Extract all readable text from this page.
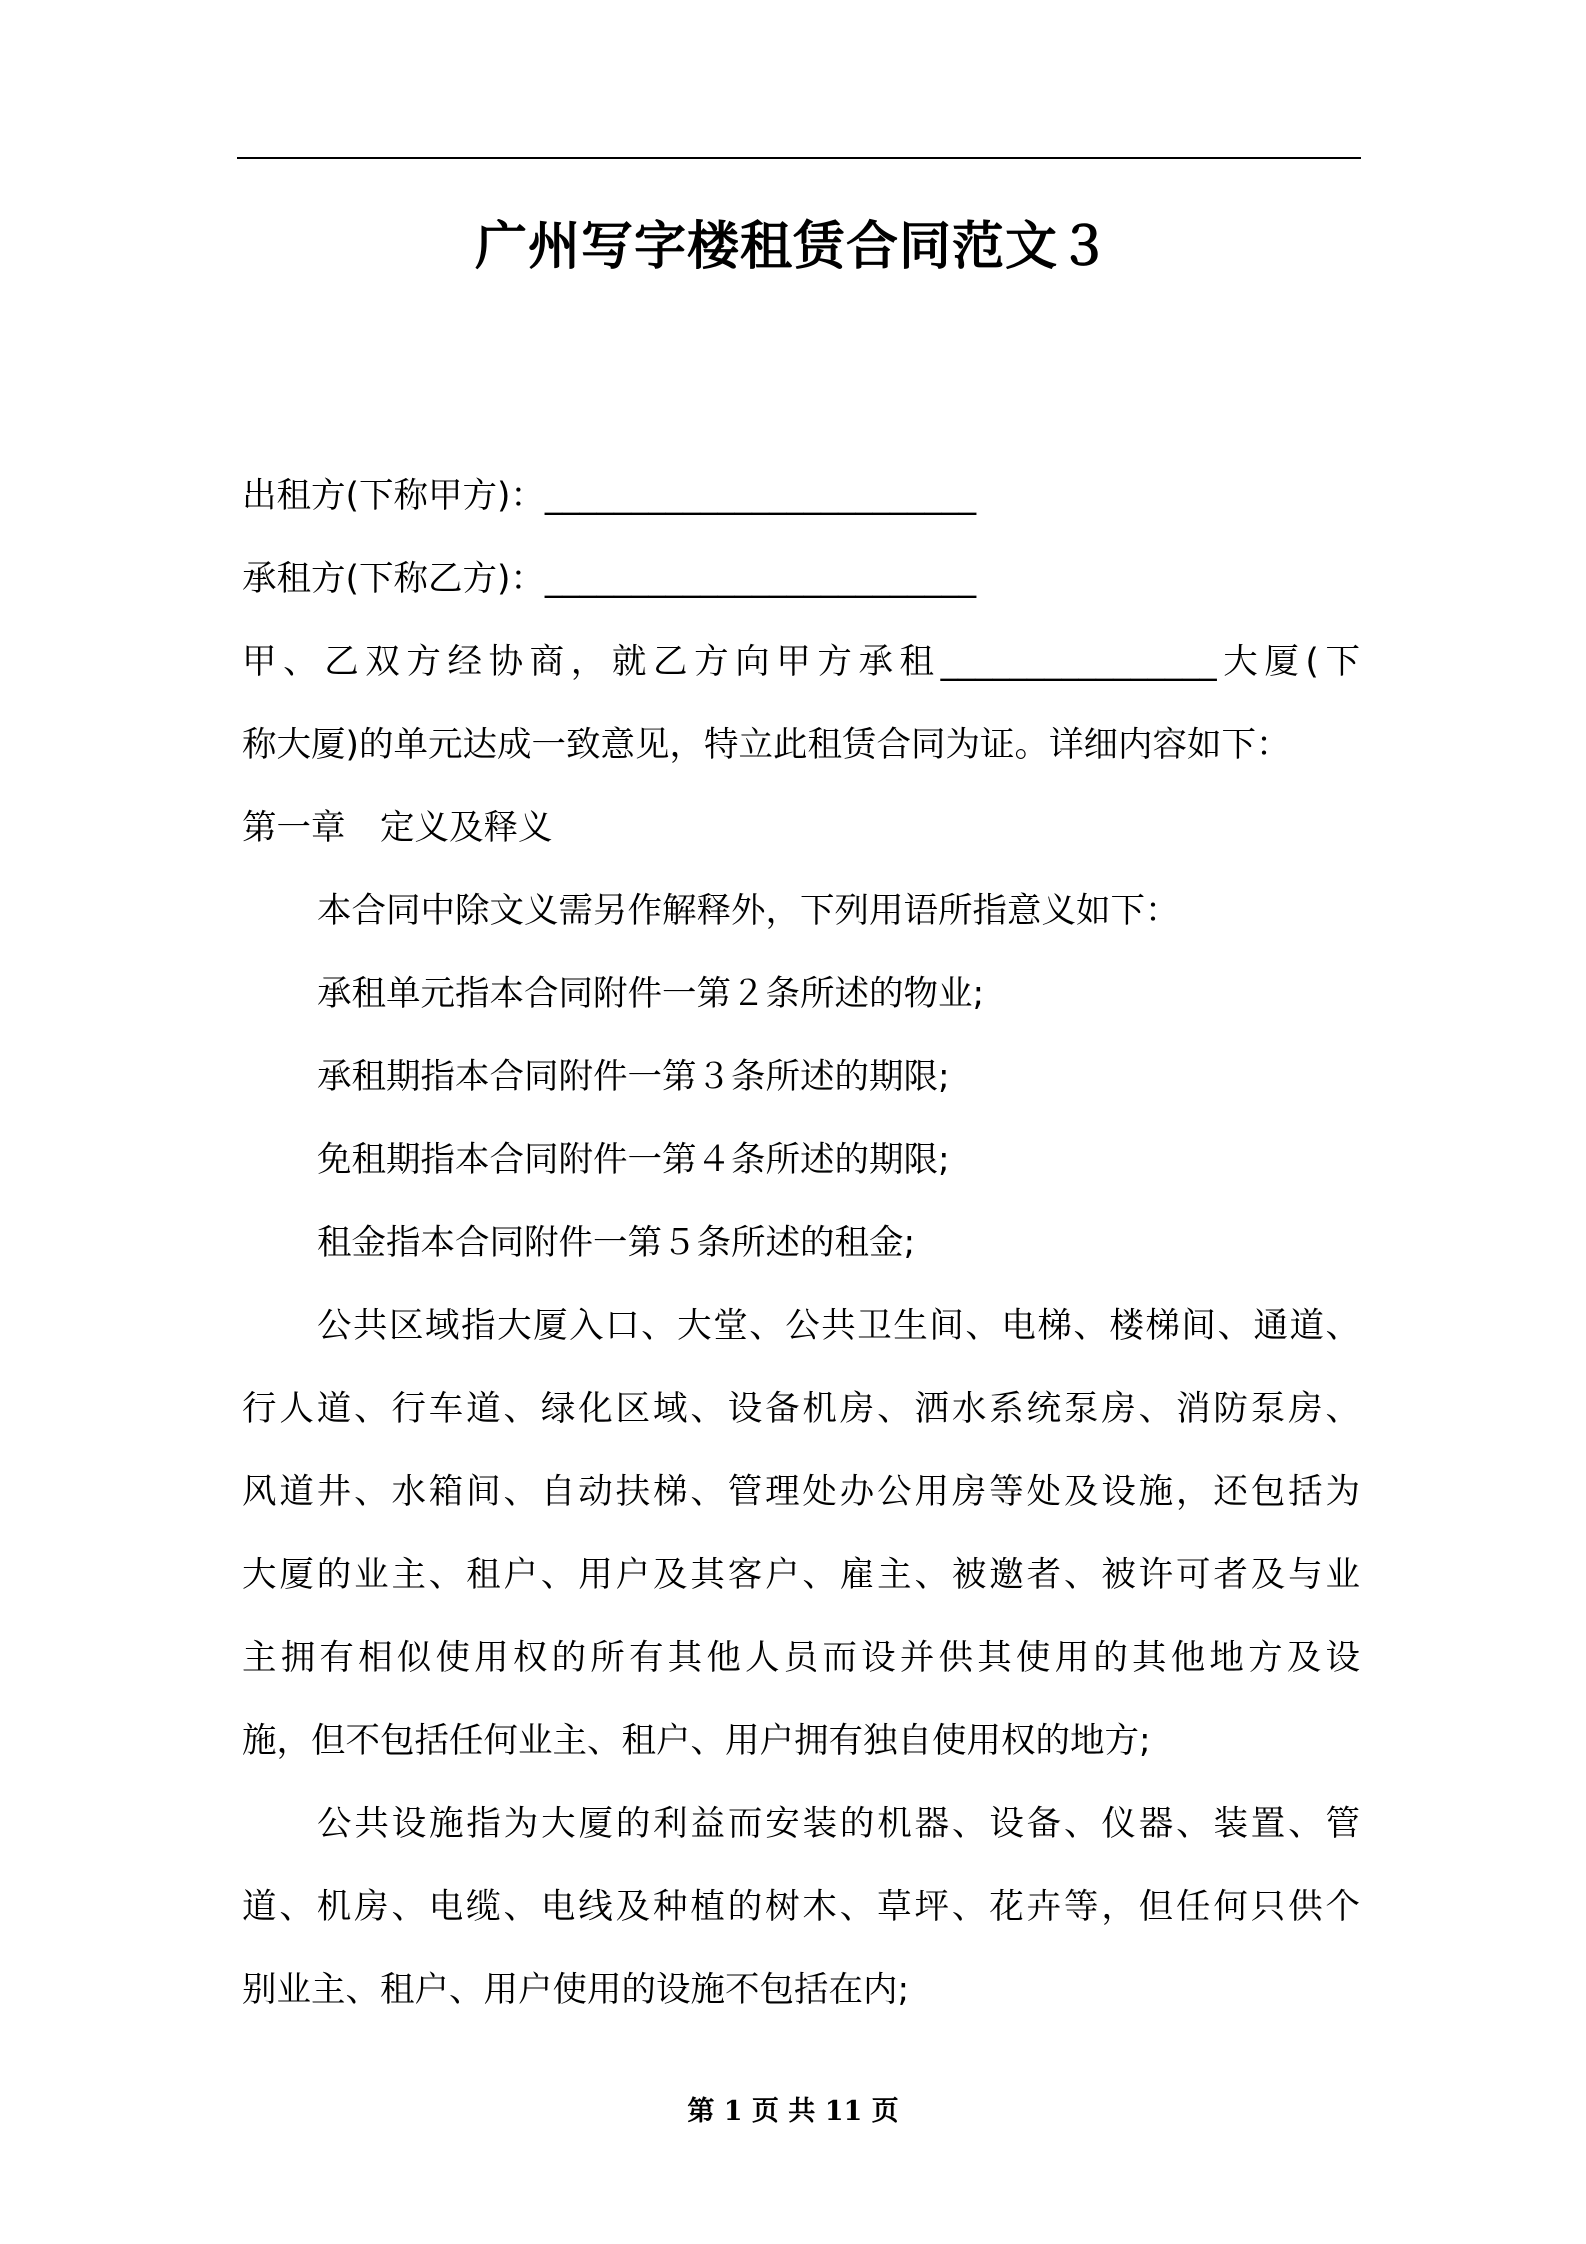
广州写字楼租赁合同范文３
出租方(下称甲方)：_________________________
承租方(下称乙方)：_________________________
甲、乙双方经协商，就乙方向甲方承租________________大厦(下
称大厦)的单元达成一致意见，特立此租赁合同为证。详细内容如下：
第一章　定义及释义
本合同中除文义需另作解释外，下列用语所指意义如下：
承租单元指本合同附件一第２条所述的物业;
承租期指本合同附件一第３条所述的期限;
免租期指本合同附件一第４条所述的期限;
租金指本合同附件一第５条所述的租金;
公共区域指大厦入口、大堂、公共卫生间、电梯、楼梯间、通道、
行人道、行车道、绿化区域、设备机房、洒水系统泵房、消防泵房、
风道井、水箱间、自动扶梯、管理处办公用房等处及设施，还包括为
大厦的业主、租户、用户及其客户、雇主、被邀者、被许可者及与业
主拥有相似使用权的所有其他人员而设并供其使用的其他地方及设
施，但不包括任何业主、租户、用户拥有独自使用权的地方;
公共设施指为大厦的利益而安装的机器、设备、仪器、装置、管
道、机房、电缆、电线及种植的树木、草坪、花卉等，但任何只供个
别业主、租户、用户使用的设施不包括在内;
第 1 页 共 11 页
